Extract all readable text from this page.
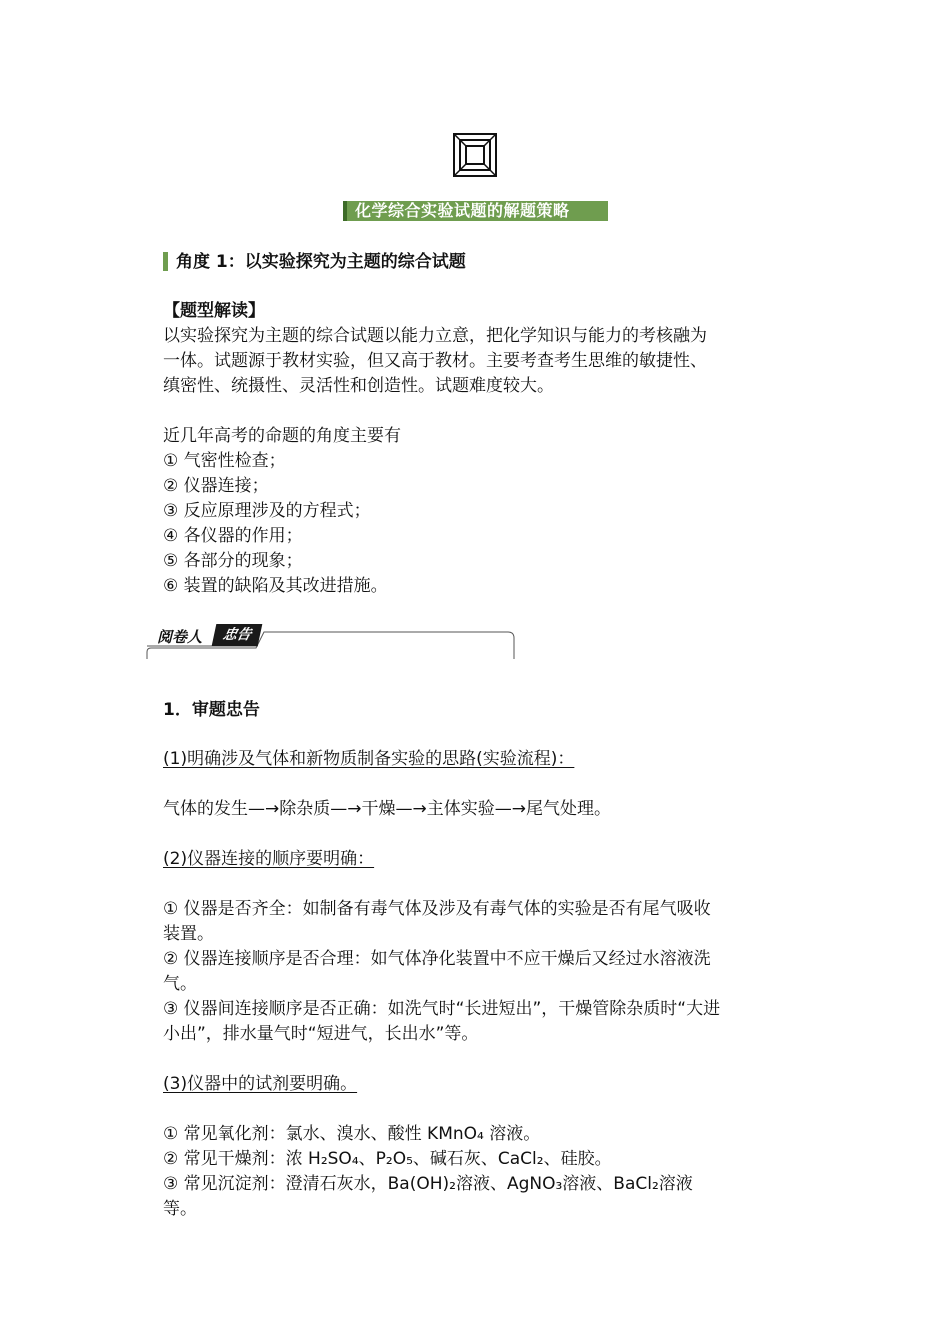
化学综合实验试题的解题策略
角度 1：以实验探究为主题的综合试题
【题型解读】
以实验探究为主题的综合试题以能力立意，把化学知识与能力的考核融为
一体。试题源于教材实验，但又高于教材。主要考查考生思维的敏捷性、
缜密性、统摄性、灵活性和创造性。试题难度较大。
近几年高考的命题的角度主要有
① 气密性检查；
② 仪器连接；
③ 反应原理涉及的方程式；
④ 各仪器的作用；
⑤ 各部分的现象；
⑥ 装置的缺陷及其改进措施。
阅卷人	忠告
1．审题忠告
(1)明确涉及气体和新物质制备实验的思路(实验流程)：
气体的发生—→除杂质—→干燥—→主体实验—→尾气处理。
(2)仪器连接的顺序要明确：
① 仪器是否齐全：如制备有毒气体及涉及有毒气体的实验是否有尾气吸收
装置。
② 仪器连接顺序是否合理：如气体净化装置中不应干燥后又经过水溶液洗
气。
③ 仪器间连接顺序是否正确：如洗气时“长进短出”，干燥管除杂质时“大进
小出”，排水量气时“短进气，长出水”等。
(3)仪器中的试剂要明确。
① 常见氧化剂：氯水、溴水、酸性 KMnO₄ 溶液。
② 常见干燥剂：浓 H₂SO₄、P₂O₅、碱石灰、CaCl₂、硅胶。
③ 常见沉淀剂：澄清石灰水，Ba(OH)₂溶液、AgNO₃溶液、BaCl₂溶液
等。
